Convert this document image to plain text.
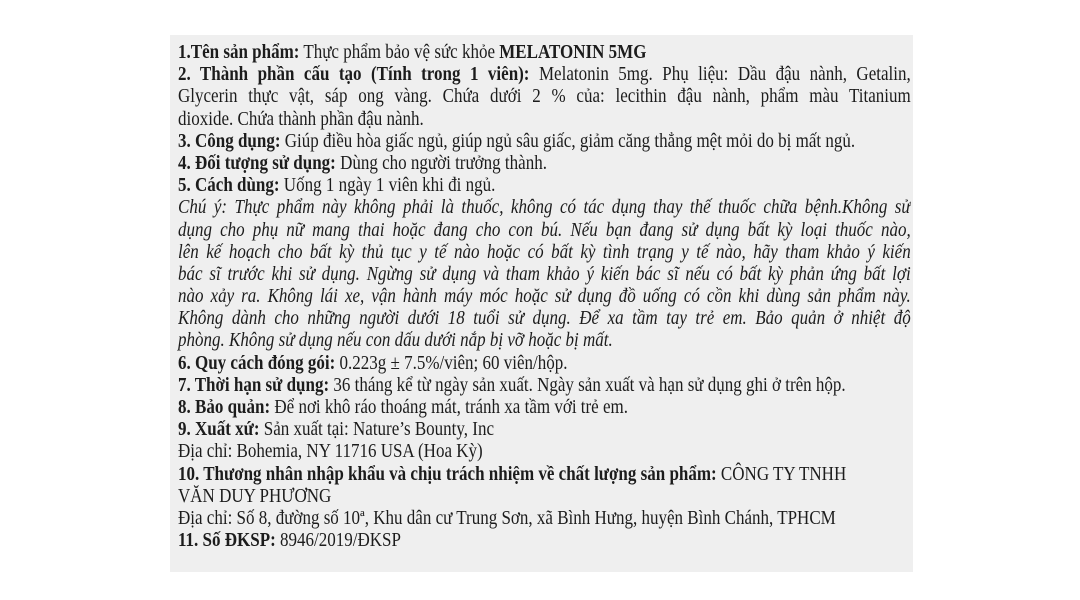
1.Tên sản phẩm: Thực phẩm bảo vệ sức khỏe MELATONIN 5MG
2. Thành phần cấu tạo (Tính trong 1 viên): Melatonin 5mg. Phụ liệu: Dầu đậu nành, Getalin,
Glycerin thực vật, sáp ong vàng. Chứa dưới 2 % của: lecithin đậu nành, phẩm màu Titanium
dioxide. Chứa thành phần đậu nành.
3. Công dụng: Giúp điều hòa giấc ngủ, giúp ngủ sâu giấc, giảm căng thẳng mệt mỏi do bị mất ngủ.
4. Đối tượng sử dụng: Dùng cho người trưởng thành.
5. Cách dùng: Uống 1 ngày 1 viên khi đi ngủ.
Chú ý: Thực phẩm này không phải là thuốc, không có tác dụng thay thế thuốc chữa bệnh.Không sử
dụng cho phụ nữ mang thai hoặc đang cho con bú. Nếu bạn đang sử dụng bất kỳ loại thuốc nào,
lên kế hoạch cho bất kỳ thủ tục y tế nào hoặc có bất kỳ tình trạng y tế nào, hãy tham khảo ý kiến
bác sĩ trước khi sử dụng. Ngừng sử dụng và tham khảo ý kiến bác sĩ nếu có bất kỳ phản ứng bất lợi
nào xảy ra. Không lái xe, vận hành máy móc hoặc sử dụng đồ uống có cồn khi dùng sản phẩm này.
Không dành cho những người dưới 18 tuổi sử dụng. Để xa tầm tay trẻ em. Bảo quản ở nhiệt độ
phòng. Không sử dụng nếu con dấu dưới nắp bị vỡ hoặc bị mất.
6. Quy cách đóng gói: 0.223g ± 7.5%/viên; 60 viên/hộp.
7. Thời hạn sử dụng: 36 tháng kể từ ngày sản xuất. Ngày sản xuất và hạn sử dụng ghi ở trên hộp.
8. Bảo quản: Để nơi khô ráo thoáng mát, tránh xa tầm với trẻ em.
9. Xuất xứ: Sản xuất tại: Nature’s Bounty, Inc
Địa chỉ: Bohemia, NY 11716 USA (Hoa Kỳ)
10. Thương nhân nhập khẩu và chịu trách nhiệm về chất lượng sản phẩm: CÔNG TY TNHH
VĂN DUY PHƯƠNG
Địa chỉ: Số 8, đường số 10ª, Khu dân cư Trung Sơn, xã Bình Hưng, huyện Bình Chánh, TPHCM
11. Số ĐKSP: 8946/2019/ĐKSP
